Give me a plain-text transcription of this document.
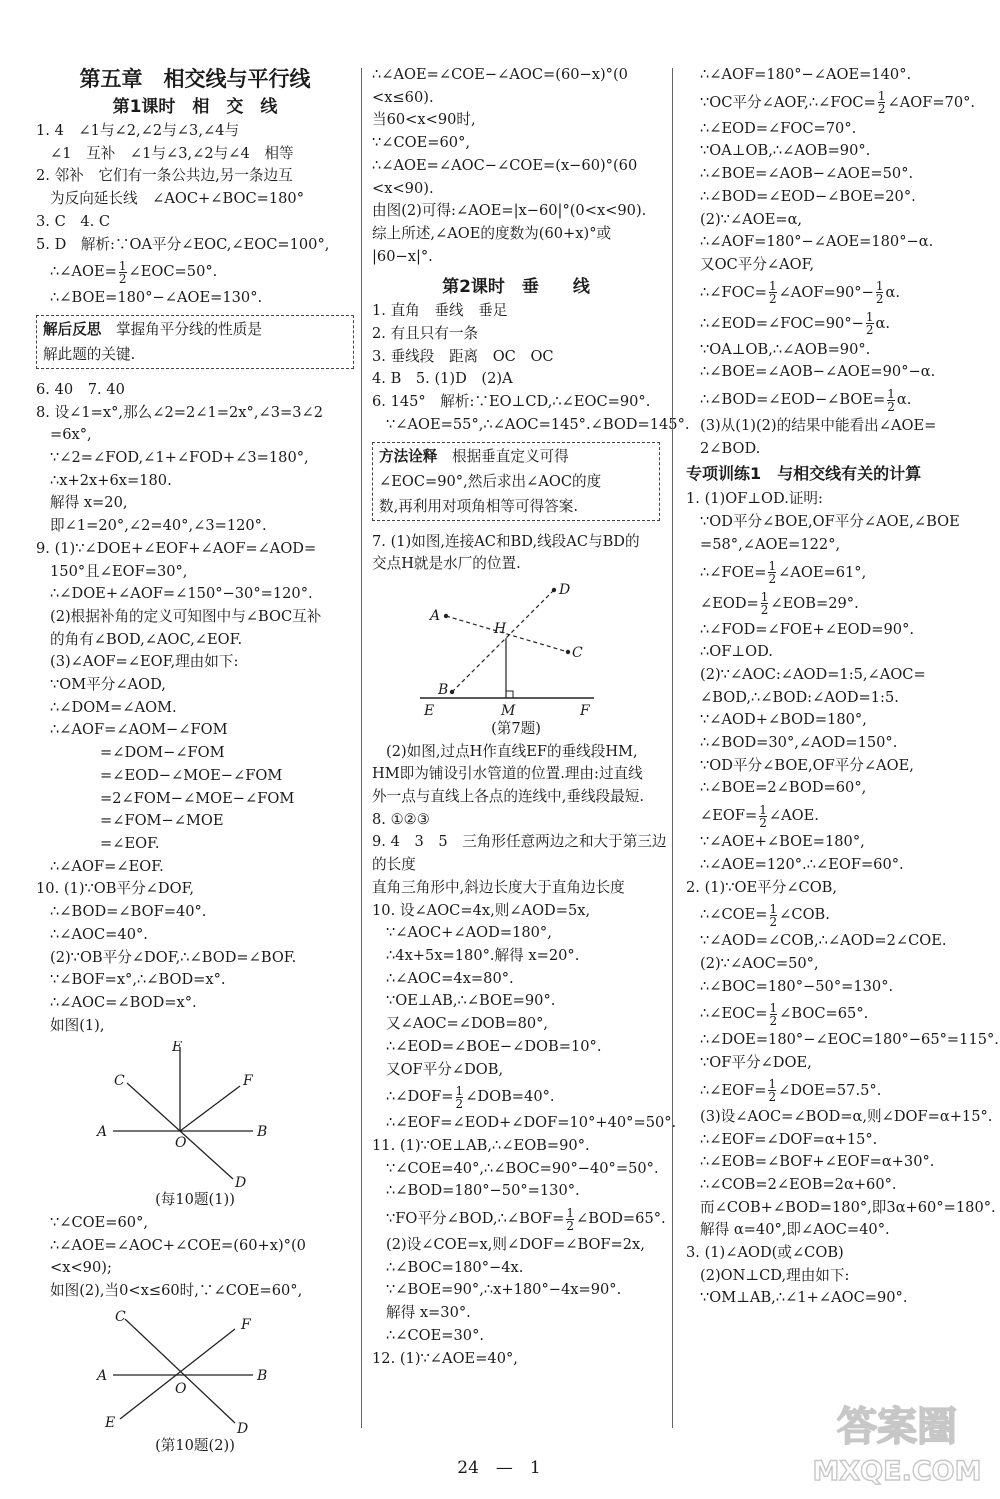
第五章　相交线与平行线
第1课时　相　交　线
1. 4　∠1与∠2,∠2与∠3,∠4与
∠1　互补　∠1与∠3,∠2与∠4　相等
2. 邻补　它们有一条公共边,另一条边互
为反向延长线　∠AOC+∠BOC=180°
3. C　4. C
5. D　解析:∵OA平分∠EOC,∠EOC=100°,
∴∠AOE= $\frac{1}{2}$ ∠EOC=50°.
∴∠BOE=180°−∠AOE=130°.
解后反思　掌握角平分线的性质是
解此题的关键.
6. 40　7. 40
8. 设∠1=x°,那么∠2=2∠1=2x°,∠3=3∠2
=6x°,
∵∠2=∠FOD,∠1+∠FOD+∠3=180°,
∴x+2x+6x=180.
解得 x=20,
即∠1=20°,∠2=40°,∠3=120°.
9. (1)∵∠DOE+∠EOF+∠AOF=∠AOD=
150°且∠EOF=30°,
∴∠DOE+∠AOF=∠150°−30°=120°.
(2)根据补角的定义可知图中与∠BOC互补
的角有∠BOD,∠AOC,∠EOF.
(3)∠AOF=∠EOF,理由如下:
∵OM平分∠AOD,
∴∠DOM=∠AOM.
∴∠AOF=∠AOM−∠FOM
=∠DOM−∠FOM
=∠EOD−∠MOE−∠FOM
=2∠FOM−∠MOE−∠FOM
=∠FOM−∠MOE
=∠EOF.
∴∠AOF=∠EOF.
10. (1)∵OB平分∠DOF,
∴∠BOD=∠BOF=40°.
∴∠AOC=40°.
(2)∵OB平分∠DOF,∴∠BOD=∠BOF.
∵∠BOF=x°,∴∠BOD=x°.
∴∠AOC=∠BOD=x°.
如图(1),
E
C	F
A
O
B
D
(每10题(1))
∵∠COE=60°,
∴∠AOE=∠AOC+∠COE=(60+x)°(0
<x<90);
如图(2),当0<x≤60时,∵∠COE=60°,
C	F
A
O
B
E	D
(第10题(2))
∴∠AOE=∠COE−∠AOC=(60−x)°(0
<x≤60).
当60<x<90时,
∵∠COE=60°,
∴∠AOE=∠AOC−∠COE=(x−60)°(60
<x<90).
由图(2)可得:∠AOE=|x−60|°(0<x<90).
综上所述,∠AOE的度数为(60+x)°或
|60−x|°.
第2课时　垂　　线
1. 直角　垂线　垂足
2. 有且只有一条
3. 垂线段　距离　OC　OC
4. B　5. (1)D　(2)A
6. 145°　解析:∵EO⊥CD,∴∠EOC=90°.
∵∠AOE=55°,∴∠AOC=145°.∠BOD=145°.
方法诠释　根据垂直定义可得
∠EOC=90°,然后求出∠AOC的度
数,再利用对项角相等可得答案.
7. (1)如图,连接AC和BD,线段AC与BD的
交点H就是水厂的位置.
D
A
H
C
B
E	M	F
(第7题)
(2)如图,过点H作直线EF的垂线段HM,
HM即为铺设引水管道的位置.理由:过直线
外一点与直线上各点的连线中,垂线段最短.
8. ①②③
9. 4　3　5　三角形任意两边之和大于第三边
的长度
直角三角形中,斜边长度大于直角边长度
10. 设∠AOC=4x,则∠AOD=5x,
∵∠AOC+∠AOD=180°,
∴4x+5x=180°.解得 x=20°.
∴∠AOC=4x=80°.
∵OE⊥AB,∴∠BOE=90°.
又∠AOC=∠DOB=80°,
∴∠EOD=∠BOE−∠DOB=10°.
又OF平分∠DOB,
∴∠DOF= $\frac{1}{2}$ ∠DOB=40°.
∴∠EOF=∠EOD+∠DOF=10°+40°=50°.
11. (1)∵OE⊥AB,∴∠EOB=90°.
∵∠COE=40°,∴∠BOC=90°−40°=50°.
∴∠BOD=180°−50°=130°.
∵FO平分∠BOD,∴∠BOF= $\frac{1}{2}$ ∠BOD=65°.
(2)设∠COE=x,则∠DOF=∠BOF=2x,
∴∠BOC=180°−4x.
∵∠BOE=90°,∴x+180°−4x=90°.
解得 x=30°.
∴∠COE=30°.
12. (1)∵∠AOE=40°,
∴∠AOF=180°−∠AOE=140°.
∵OC平分∠AOF,∴∠FOC= $\frac{1}{2}$ ∠AOF=70°.
∴∠EOD=∠FOC=70°.
∵OA⊥OB,∴∠AOB=90°.
∴∠BOE=∠AOB−∠AOE=50°.
∴∠BOD=∠EOD−∠BOE=20°.
(2)∵∠AOE=α,
∴∠AOF=180°−∠AOE=180°−α.
又OC平分∠AOF,
∴∠FOC= $\frac{1}{2}$ ∠AOF=90°− $\frac{1}{2} \alpha$.
∴∠EOD=∠FOC=90°− $\frac{1}{2} \alpha$.
∵OA⊥OB,∴∠AOB=90°.
∴∠BOE=∠AOB−∠AOE=90°−α.
∴∠BOD=∠EOD−∠BOE= $\frac{1}{2} \alpha$.
(3)从(1)(2)的结果中能看出∠AOE=
2∠BOD.
专项训练1　与相交线有关的计算
1. (1)OF⊥OD.证明:
∵OD平分∠BOE,OF平分∠AOE,∠BOE
=58°,∠AOE=122°,
∴∠FOE= $\frac{1}{2}$ ∠AOE=61°,
∠EOD= $\frac{1}{2}$ ∠EOB=29°.
∴∠FOD=∠FOE+∠EOD=90°.
∴OF⊥OD.
(2)∵∠AOC:∠AOD=1:5,∠AOC=
∠BOD,∴∠BOD:∠AOD=1:5.
∵∠AOD+∠BOD=180°,
∴∠BOD=30°,∠AOD=150°.
∵OD平分∠BOE,OF平分∠AOE,
∴∠BOE=2∠BOD=60°,
∠EOF= $\frac{1}{2}$ ∠AOE.
∵∠AOE+∠BOE=180°,
∴∠AOE=120°.∴∠EOF=60°.
2. (1)∵OE平分∠COB,
∴∠COE= $\frac{1}{2}$ ∠COB.
∵∠AOD=∠COB,∴∠AOD=2∠COE.
(2)∵∠AOC=50°,
∴∠BOC=180°−50°=130°.
∴∠EOC= $\frac{1}{2}$ ∠BOC=65°.
∴∠DOE=180°−∠EOC=180°−65°=115°.
∵OF平分∠DOE,
∴∠EOF= $\frac{1}{2}$ ∠DOE=57.5°.
(3)设∠AOC=∠BOD=α,则∠DOF=α+15°.
∴∠EOF=∠DOF=α+15°.
∴∠EOB=∠BOF+∠EOF=α+30°.
∴∠COB=2∠EOB=2α+60°.
而∠COB+∠BOD=180°,即3α+60°=180°.
解得 α=40°,即∠AOC=40°.
3. (1)∠AOD(或∠COB)
(2)ON⊥CD,理由如下:
∵OM⊥AB,∴∠1+∠AOC=90°.
24　—　1
答案圈
MXQE.COM
